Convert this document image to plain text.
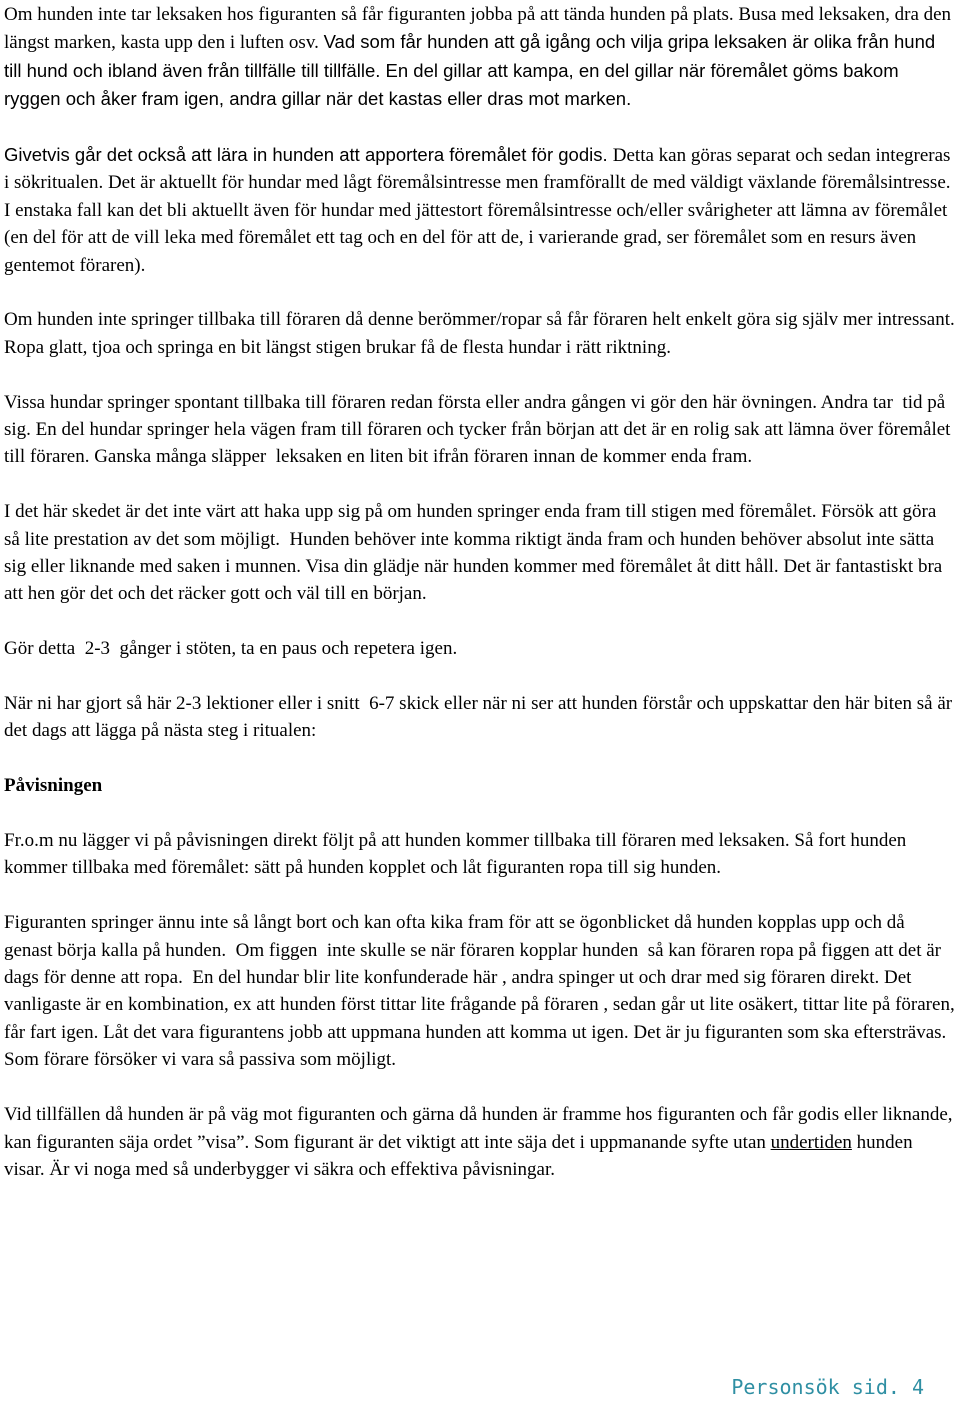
Om hunden inte tar leksaken hos figuranten så får figuranten jobba på att tända hunden på plats. Busa med leksaken, dra den längst marken, kasta upp den i luften osv. Vad som får hunden att gå igång och vilja gripa leksaken är olika från hund till hund och ibland även från tillfälle till tillfälle. En del gillar att kampa, en del gillar när föremålet göms bakom ryggen och åker fram igen, andra gillar när det kastas eller dras mot marken.

Givetvis går det också att lära in hunden att apportera föremålet för godis. Detta kan göras separat och sedan integreras i sökritualen. Det är aktuellt för hundar med lågt föremålsintresse men framförallt de med väldigt växlande föremålsintresse. I enstaka fall kan det bli aktuellt även för hundar med jättestort föremålsintresse och/eller svårigheter att lämna av föremålet (en del för att de vill leka med föremålet ett tag och en del för att de, i varierande grad, ser föremålet som en resurs även gentemot föraren).

Om hunden inte springer tillbaka till föraren då denne berömmer/ropar så får föraren helt enkelt göra sig själv mer intressant. Ropa glatt, tjoa och springa en bit längst stigen brukar få de flesta hundar i rätt riktning.

Vissa hundar springer spontant tillbaka till föraren redan första eller andra gången vi gör den här övningen. Andra tar  tid på sig. En del hundar springer hela vägen fram till föraren och tycker från början att det är en rolig sak att lämna över föremålet till föraren. Ganska många släpper  leksaken en liten bit ifrån föraren innan de kommer enda fram.

I det här skedet är det inte värt att haka upp sig på om hunden springer enda fram till stigen med föremålet. Försök att göra så lite prestation av det som möjligt.  Hunden behöver inte komma riktigt ända fram och hunden behöver absolut inte sätta sig eller liknande med saken i munnen. Visa din glädje när hunden kommer med föremålet åt ditt håll. Det är fantastiskt bra att hen gör det och det räcker gott och väl till en början.

Gör detta  2-3  gånger i stöten, ta en paus och repetera igen.

När ni har gjort så här 2-3 lektioner eller i snitt  6-7 skick eller när ni ser att hunden förstår och uppskattar den här biten så är det dags att lägga på nästa steg i ritualen:

Påvisningen

Fr.o.m nu lägger vi på påvisningen direkt följt på att hunden kommer tillbaka till föraren med leksaken. Så fort hunden kommer tillbaka med föremålet: sätt på hunden kopplet och låt figuranten ropa till sig hunden.

Figuranten springer ännu inte så långt bort och kan ofta kika fram för att se ögonblicket då hunden kopplas upp och då genast börja kalla på hunden.  Om figgen  inte skulle se när föraren kopplar hunden  så kan föraren ropa på figgen att det är dags för denne att ropa.  En del hundar blir lite konfunderade här , andra spinger ut och drar med sig föraren direkt. Det vanligaste är en kombination, ex att hunden först tittar lite frågande på föraren , sedan går ut lite osäkert, tittar lite på föraren, får fart igen. Låt det vara figurantens jobb att uppmana hunden att komma ut igen. Det är ju figuranten som ska eftersträvas. Som förare försöker vi vara så passiva som möjligt.

Vid tillfällen då hunden är på väg mot figuranten och gärna då hunden är framme hos figuranten och får godis eller liknande, kan figuranten säja ordet ”visa”. Som figurant är det viktigt att inte säja det i uppmanande syfte utan undertiden hunden visar. Är vi noga med så underbygger vi säkra och effektiva påvisningar.

Personsök sid. 4
